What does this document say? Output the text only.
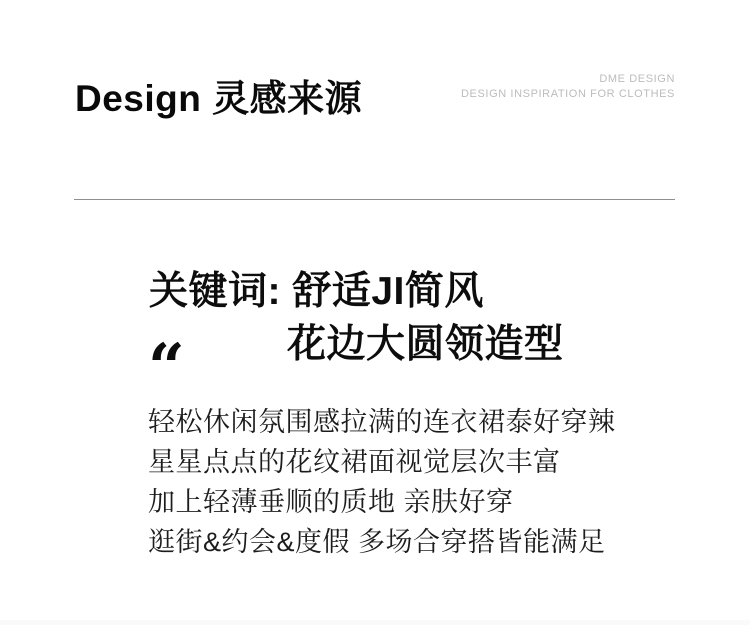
Design 灵感来源	DME DESIGN
DESIGN INSPIRATION FOR CLOTHES
关键词: 舒适JI简风
花边大圆领造型
“
轻松休闲氛围感拉满的连衣裙泰好穿辣
星星点点的花纹裙面视觉层次丰富
加上轻薄垂顺的质地 亲肤好穿
逛街&约会&度假 多场合穿搭皆能满足
